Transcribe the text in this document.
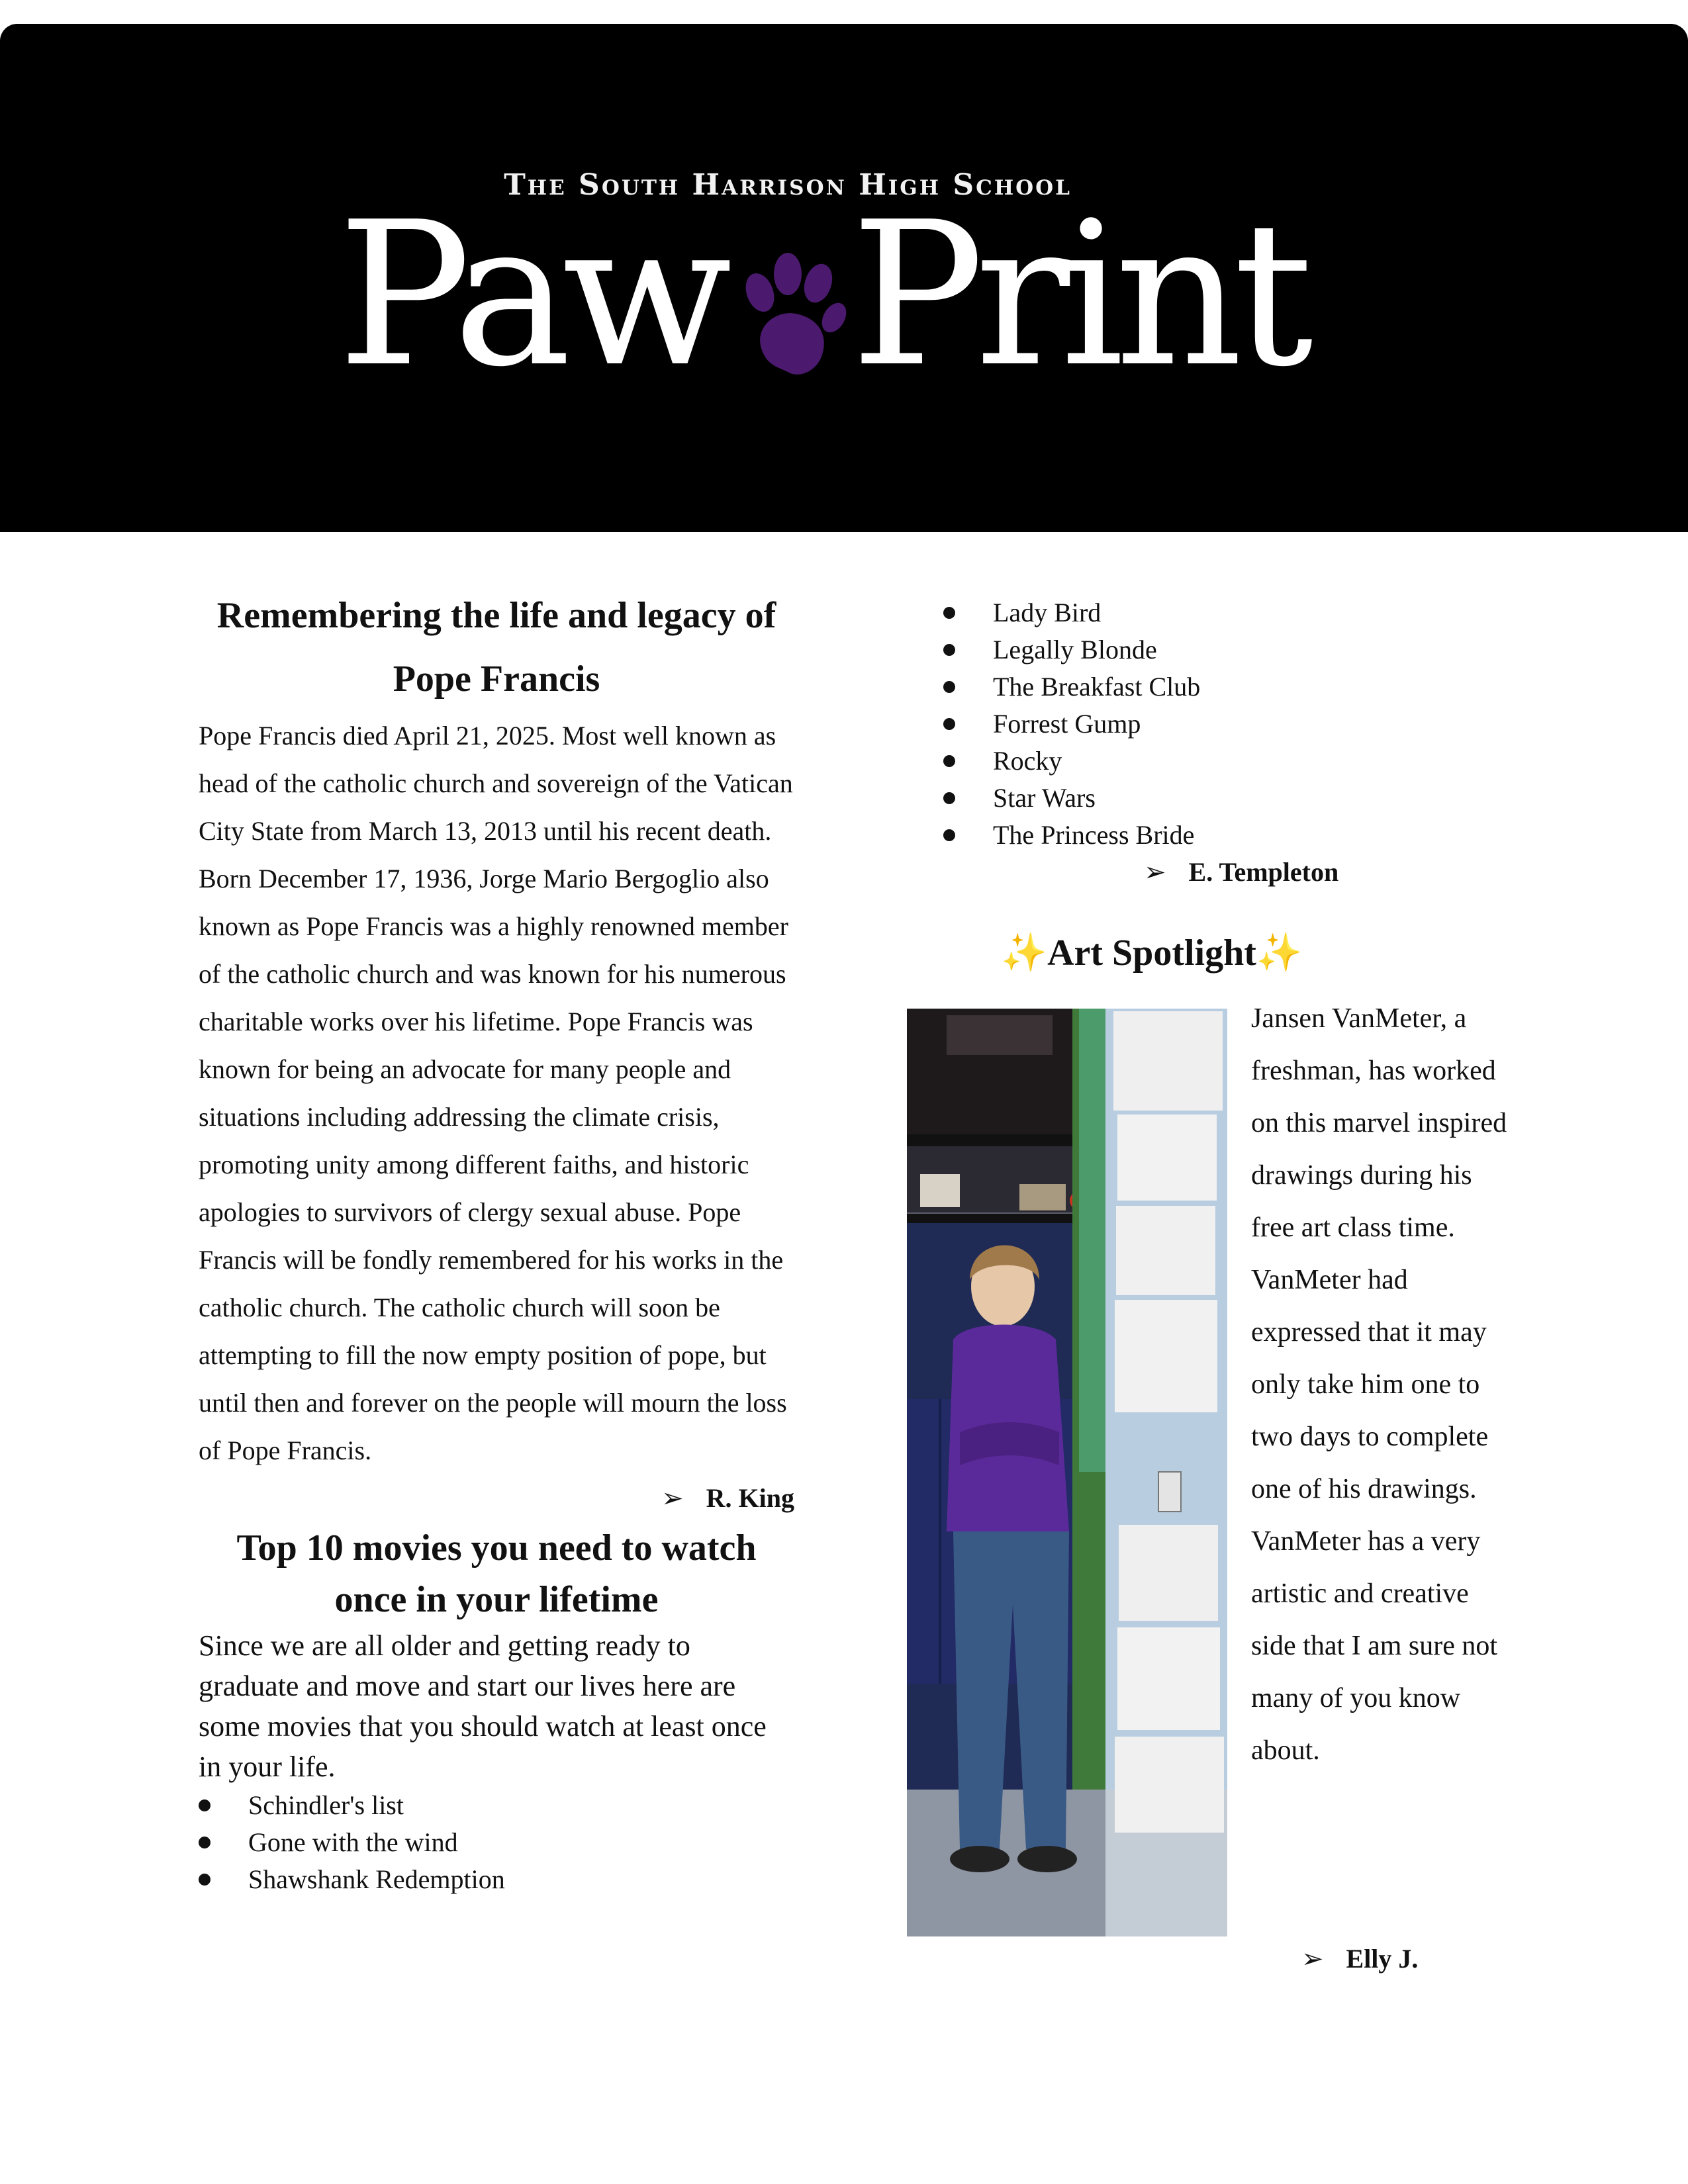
The South Harrison High School
Paw Print
Remembering the life and legacy of
Pope Francis

Pope Francis died April 21, 2025. Most well known as head of the catholic church and sovereign of the Vatican City State from March 13, 2013 until his recent death. Born December 17, 1936, Jorge Mario Bergoglio also known as Pope Francis was a highly renowned member of the catholic church and was known for his numerous charitable works over his lifetime. Pope Francis was known for being an advocate for many people and situations including addressing the climate crisis, promoting unity among different faiths, and historic apologies to survivors of clergy sexual abuse. Pope Francis will be fondly remembered for his works in the catholic church. The catholic church will soon be attempting to fill the now empty position of pope, but until then and forever on the people will mourn the loss of Pope Francis.

➢ R. King
Top 10 movies you need to watch
once in your lifetime

Since we are all older and getting ready to graduate and move and start our lives here are some movies that you should watch at least once in your life.

Schindler's list
Gone with the wind
Shawshank Redemption
Lady Bird
Legally Blonde
The Breakfast Club
Forrest Gump
Rocky
Star Wars
The Princess Bride
➢ E. Templeton
✨Art Spotlight✨

Jansen VanMeter, a freshman, has worked on this marvel inspired drawings during his free art class time. VanMeter had expressed that it may only take him one to two days to complete one of his drawings. VanMeter has a very artistic and creative side that I am sure not many of you know about.

➢ Elly J.
